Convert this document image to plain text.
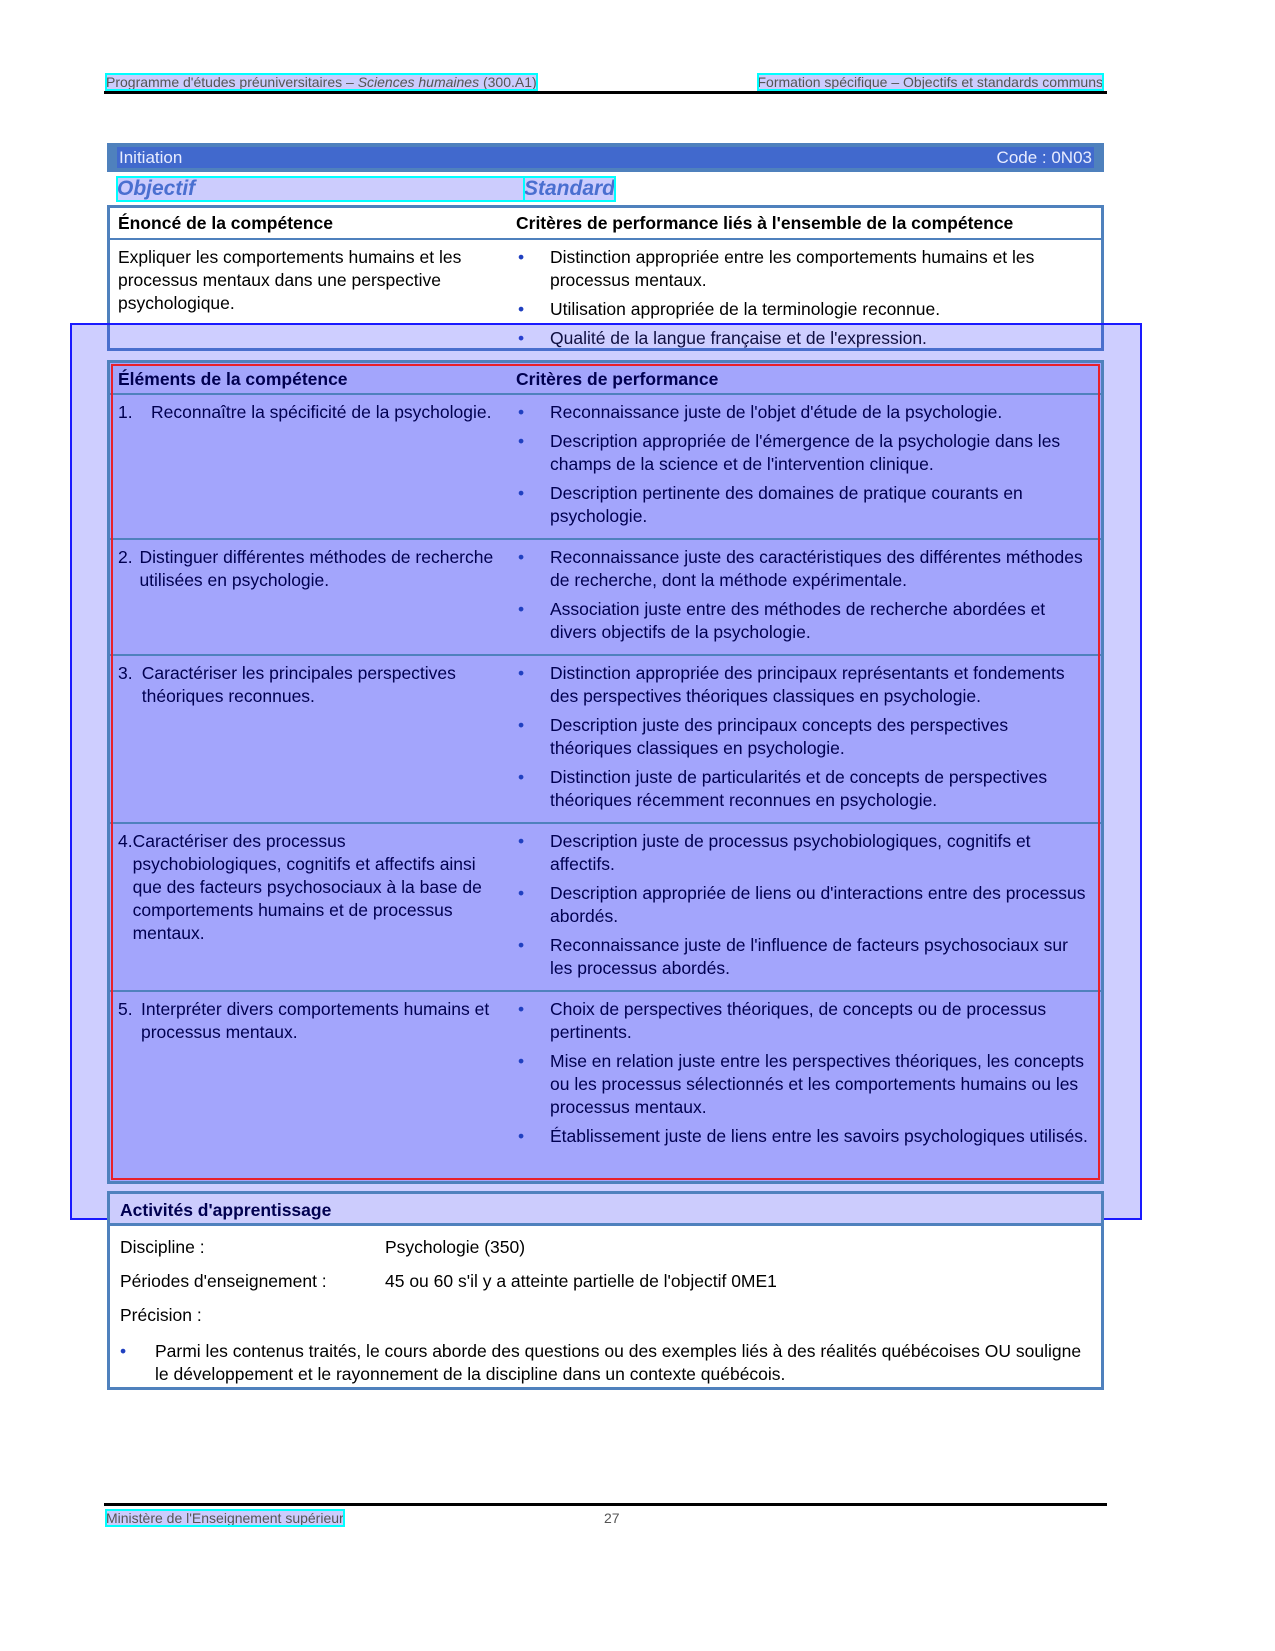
Programme d'études préuniversitaires – Sciences humaines (300.A1)	Formation spécifique – Objectifs et standards communs
Initiation	Code : 0N03
Objectif	Standard
Énoncé de la compétence	Critères de performance liés à l'ensemble de la compétence
Expliquer les comportements humains et les processus mentaux dans une perspective psychologique.
•	Distinction appropriée entre les comportements humains et les processus mentaux.
•	Utilisation appropriée de la terminologie reconnue.
•	Qualité de la langue française et de l'expression.
Éléments de la compétence	Critères de performance
1.	Reconnaître la spécificité de la psychologie. •	Reconnaissance juste de l'objet d'étude de la psychologie.
•	Description appropriée de l'émergence de la psychologie dans les champs de la science et de l'intervention clinique.
•	Description pertinente des domaines de pratique courants en psychologie.
2. Distinguer différentes méthodes de recherche utilisées en psychologie.
•	Reconnaissance juste des caractéristiques des différentes méthodes de recherche, dont la méthode expérimentale.
•	Association juste entre des méthodes de recherche abordées et divers objectifs de la psychologie.
3. Caractériser les principales perspectives théoriques reconnues.
•	Distinction appropriée des principaux représentants et fondements des perspectives théoriques classiques en psychologie.
•	Description juste des principaux concepts des perspectives théoriques classiques en psychologie.
•	Distinction juste de particularités et de concepts de perspectives théoriques récemment reconnues en psychologie.
4. Caractériser des processus psychobiologiques, cognitifs et affectifs ainsi que des facteurs psychosociaux à la base de comportements humains et de processus mentaux.
•	Description juste de processus psychobiologiques, cognitifs et affectifs.
•	Description appropriée de liens ou d'interactions entre des processus abordés.
•	Reconnaissance juste de l'influence de facteurs psychosociaux sur les processus abordés.
5. Interpréter divers comportements humains et processus mentaux.
•	Choix de perspectives théoriques, de concepts ou de processus pertinents.
•	Mise en relation juste entre les perspectives théoriques, les concepts ou les processus sélectionnés et les comportements humains ou les processus mentaux.
•	Établissement juste de liens entre les savoirs psychologiques utilisés.
Activités d'apprentissage
Discipline :	Psychologie (350)
Périodes d'enseignement :	45 ou 60 s'il y a atteinte partielle de l'objectif 0ME1
Précision :
•	Parmi les contenus traités, le cours aborde des questions ou des exemples liés à des réalités québécoises OU souligne le développement et le rayonnement de la discipline dans un contexte québécois.
Ministère de l'Enseignement supérieur	27
